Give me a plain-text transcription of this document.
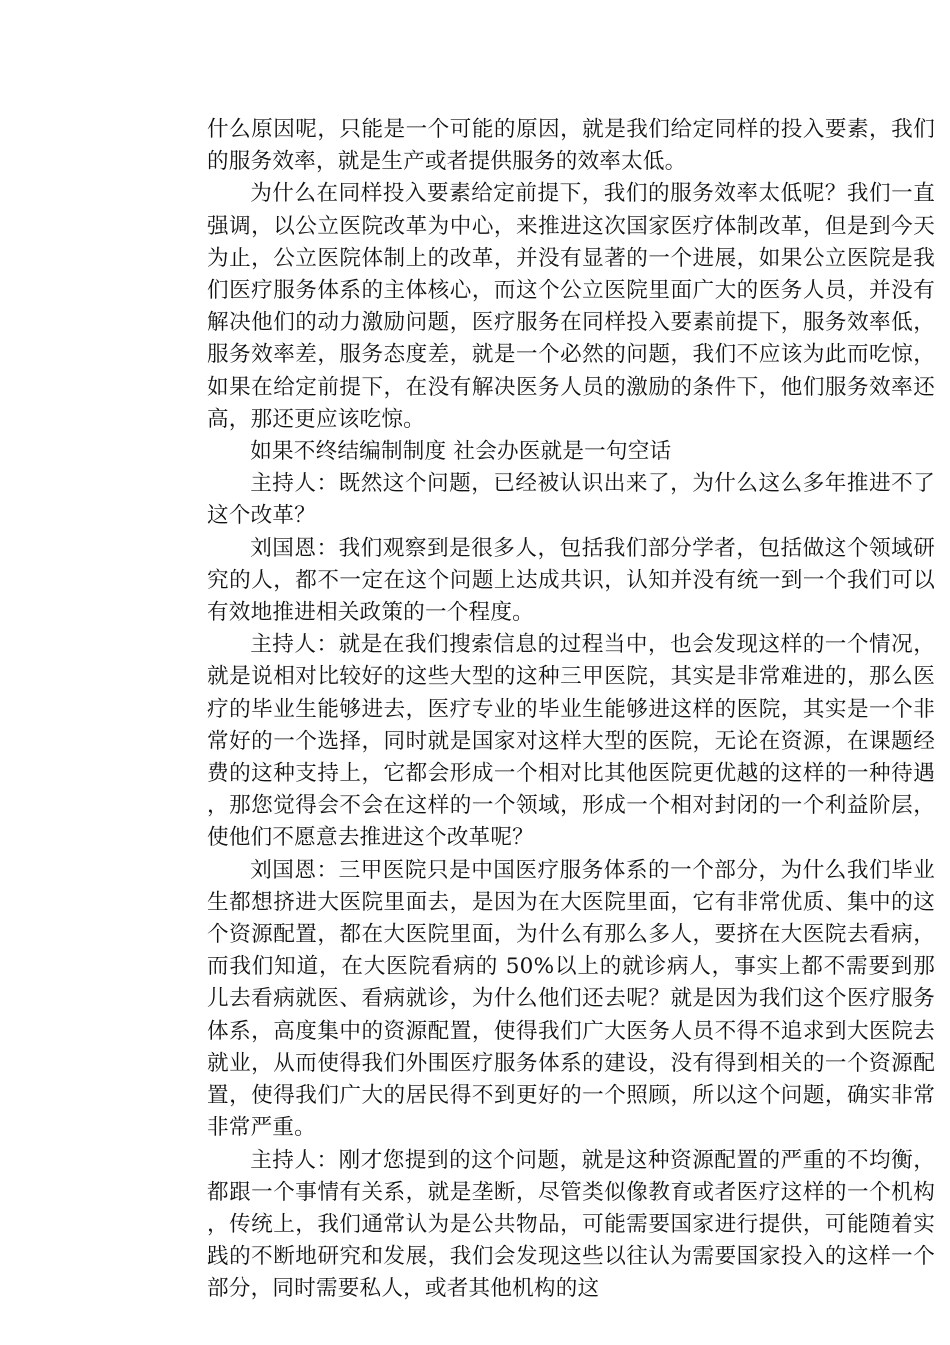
什么原因呢，只能是一个可能的原因，就是我们给定同样的投入要素，我们的服务效率，就是生产或者提供服务的效率太低。

为什么在同样投入要素给定前提下，我们的服务效率太低呢？我们一直强调，以公立医院改革为中心，来推进这次国家医疗体制改革，但是到今天为止，公立医院体制上的改革，并没有显著的一个进展，如果公立医院是我们医疗服务体系的主体核心，而这个公立医院里面广大的医务人员，并没有解决他们的动力激励问题，医疗服务在同样投入要素前提下，服务效率低，服务效率差，服务态度差，就是一个必然的问题，我们不应该为此而吃惊，如果在给定前提下，在没有解决医务人员的激励的条件下，他们服务效率还高，那还更应该吃惊。

如果不终结编制制度 社会办医就是一句空话

主持人：既然这个问题，已经被认识出来了，为什么这么多年推进不了这个改革？

刘国恩：我们观察到是很多人，包括我们部分学者，包括做这个领域研究的人，都不一定在这个问题上达成共识，认知并没有统一到一个我们可以有效地推进相关政策的一个程度。

主持人：就是在我们搜索信息的过程当中，也会发现这样的一个情况，就是说相对比较好的这些大型的这种三甲医院，其实是非常难进的，那么医疗的毕业生能够进去，医疗专业的毕业生能够进这样的医院，其实是一个非常好的一个选择，同时就是国家对这样大型的医院，无论在资源，在课题经费的这种支持上，它都会形成一个相对比其他医院更优越的这样的一种待遇，那您觉得会不会在这样的一个领域，形成一个相对封闭的一个利益阶层，使他们不愿意去推进这个改革呢？

刘国恩：三甲医院只是中国医疗服务体系的一个部分，为什么我们毕业生都想挤进大医院里面去，是因为在大医院里面，它有非常优质、集中的这个资源配置，都在大医院里面，为什么有那么多人，要挤在大医院去看病，而我们知道，在大医院看病的 50%以上的就诊病人，事实上都不需要到那儿去看病就医、看病就诊，为什么他们还去呢？就是因为我们这个医疗服务体系，高度集中的资源配置，使得我们广大医务人员不得不追求到大医院去就业，从而使得我们外围医疗服务体系的建设，没有得到相关的一个资源配置，使得我们广大的居民得不到更好的一个照顾，所以这个问题，确实非常非常严重。

主持人：刚才您提到的这个问题，就是这种资源配置的严重的不均衡，都跟一个事情有关系，就是垄断，尽管类似像教育或者医疗这样的一个机构，传统上，我们通常认为是公共物品，可能需要国家进行提供，可能随着实践的不断地研究和发展，我们会发现这些以往认为需要国家投入的这样一个部分，同时需要私人，或者其他机构的这
